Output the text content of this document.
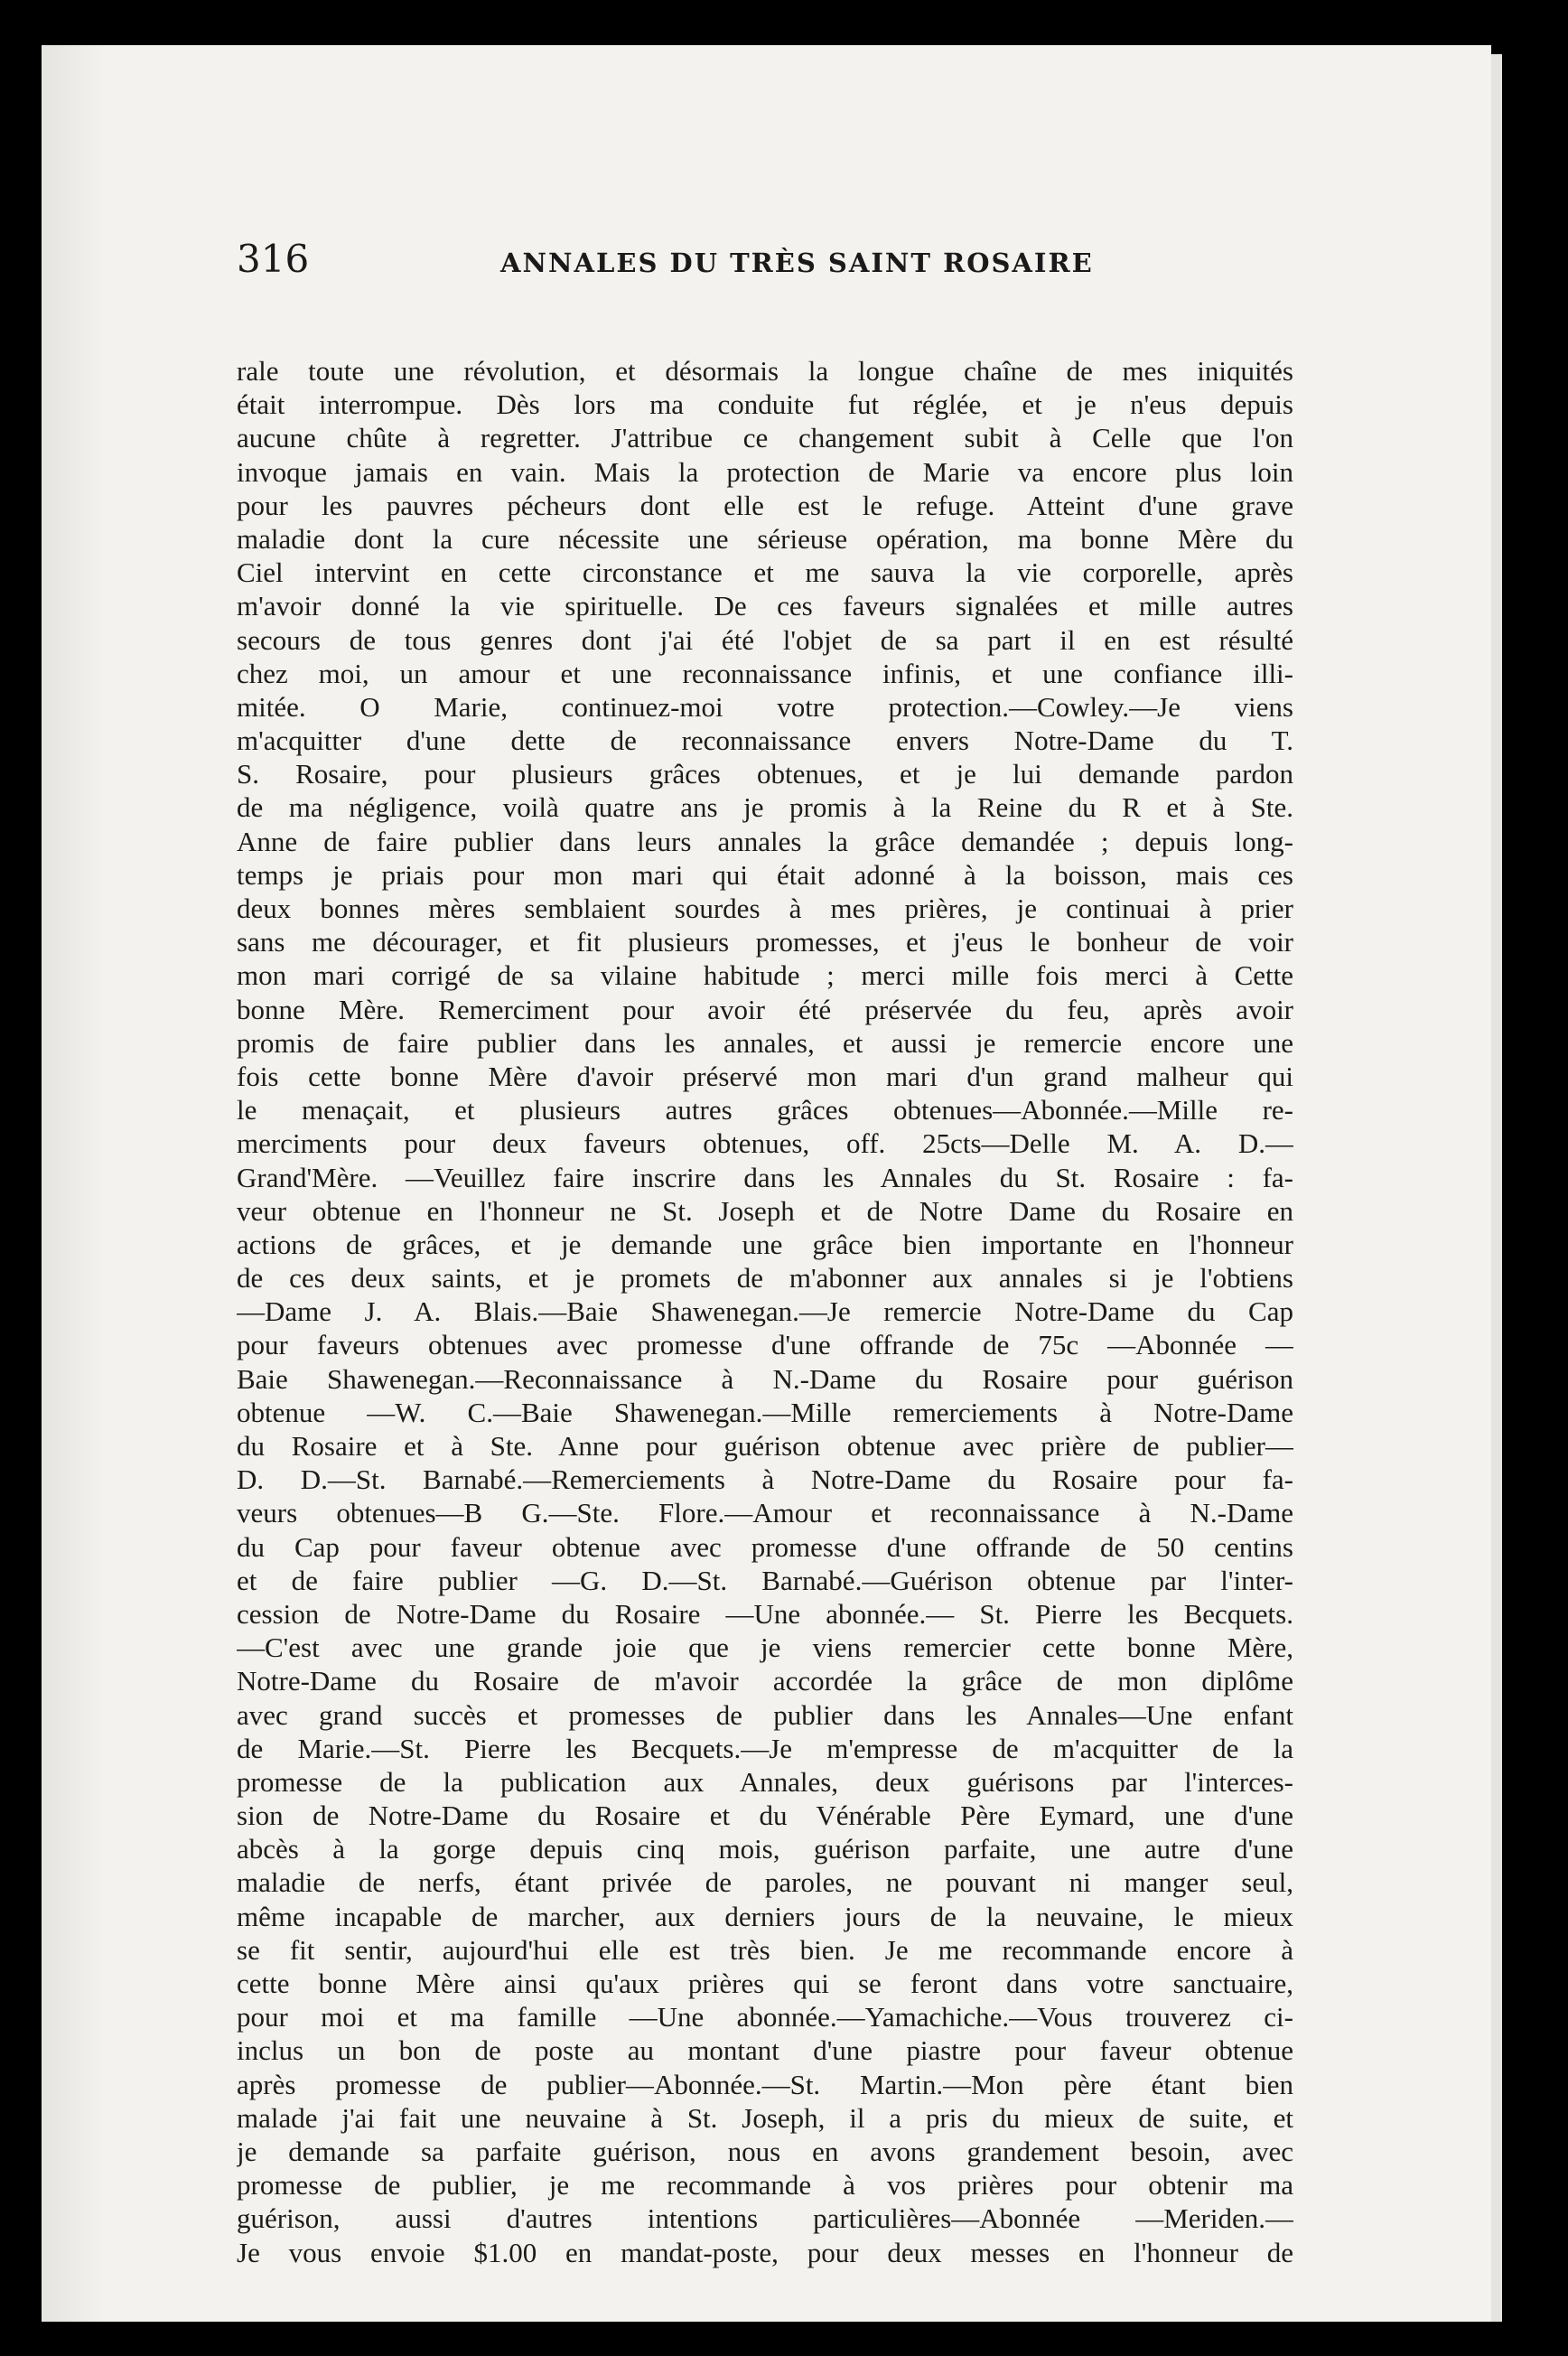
316	ANNALES DU TRÈS SAINT ROSAIRE
rale toute une révolution, et désormais la longue chaîne de mes iniquités
était interrompue. Dès lors ma conduite fut réglée, et je n'eus depuis
aucune chûte à regretter. J'attribue ce changement subit à Celle que l'on
invoque jamais en vain. Mais la protection de Marie va encore plus loin
pour les pauvres pécheurs dont elle est le refuge. Atteint d'une grave
maladie dont la cure nécessite une sérieuse opération, ma bonne Mère du
Ciel intervint en cette circonstance et me sauva la vie corporelle, après
m'avoir donné la vie spirituelle. De ces faveurs signalées et mille autres
secours de tous genres dont j'ai été l'objet de sa part il en est résulté
chez moi, un amour et une reconnaissance infinis, et une confiance illi-
mitée. O Marie, continuez-moi votre protection.—Cowley.—Je viens
m'acquitter d'une dette de reconnaissance envers Notre-Dame du T.
S. Rosaire, pour plusieurs grâces obtenues, et je lui demande pardon
de ma négligence, voilà quatre ans je promis à la Reine du R et à Ste.
Anne de faire publier dans leurs annales la grâce demandée ; depuis long-
temps je priais pour mon mari qui était adonné à la boisson, mais ces
deux bonnes mères semblaient sourdes à mes prières, je continuai à prier
sans me décourager, et fit plusieurs promesses, et j'eus le bonheur de voir
mon mari corrigé de sa vilaine habitude ; merci mille fois merci à Cette
bonne Mère. Remerciment pour avoir été préservée du feu, après avoir
promis de faire publier dans les annales, et aussi je remercie encore une
fois cette bonne Mère d'avoir préservé mon mari d'un grand malheur qui
le menaçait, et plusieurs autres grâces obtenues—Abonnée.—Mille re-
merciments pour deux faveurs obtenues, off. 25cts—Delle M. A. D.—
Grand'Mère. —Veuillez faire inscrire dans les Annales du St. Rosaire : fa-
veur obtenue en l'honneur ne St. Joseph et de Notre Dame du Rosaire en
actions de grâces, et je demande une grâce bien importante en l'honneur
de ces deux saints, et je promets de m'abonner aux annales si je l'obtiens
—Dame J. A. Blais.—Baie Shawenegan.—Je remercie Notre-Dame du Cap
pour faveurs obtenues avec promesse d'une offrande de 75c —Abonnée —
Baie Shawenegan.—Reconnaissance à N.-Dame du Rosaire pour guérison
obtenue —W. C.—Baie Shawenegan.—Mille remerciements à Notre-Dame
du Rosaire et à Ste. Anne pour guérison obtenue avec prière de publier—
D. D.—St. Barnabé.—Remerciements à Notre-Dame du Rosaire pour fa-
veurs obtenues—B G.—Ste. Flore.—Amour et reconnaissance à N.-Dame
du Cap pour faveur obtenue avec promesse d'une offrande de 50 centins
et de faire publier —G. D.—St. Barnabé.—Guérison obtenue par l'inter-
cession de Notre-Dame du Rosaire —Une abonnée.— St. Pierre les Becquets.
—C'est avec une grande joie que je viens remercier cette bonne Mère,
Notre-Dame du Rosaire de m'avoir accordée la grâce de mon diplôme
avec grand succès et promesses de publier dans les Annales—Une enfant
de Marie.—St. Pierre les Becquets.—Je m'empresse de m'acquitter de la
promesse de la publication aux Annales, deux guérisons par l'interces-
sion de Notre-Dame du Rosaire et du Vénérable Père Eymard, une d'une
abcès à la gorge depuis cinq mois, guérison parfaite, une autre d'une
maladie de nerfs, étant privée de paroles, ne pouvant ni manger seul,
même incapable de marcher, aux derniers jours de la neuvaine, le mieux
se fit sentir, aujourd'hui elle est très bien. Je me recommande encore à
cette bonne Mère ainsi qu'aux prières qui se feront dans votre sanctuaire,
pour moi et ma famille —Une abonnée.—Yamachiche.—Vous trouverez ci-
inclus un bon de poste au montant d'une piastre pour faveur obtenue
après promesse de publier—Abonnée.—St. Martin.—Mon père étant bien
malade j'ai fait une neuvaine à St. Joseph, il a pris du mieux de suite, et
je demande sa parfaite guérison, nous en avons grandement besoin, avec
promesse de publier, je me recommande à vos prières pour obtenir ma
guérison, aussi d'autres intentions particulières—Abonnée —Meriden.—
Je vous envoie $1.00 en mandat-poste, pour deux messes en l'honneur de
